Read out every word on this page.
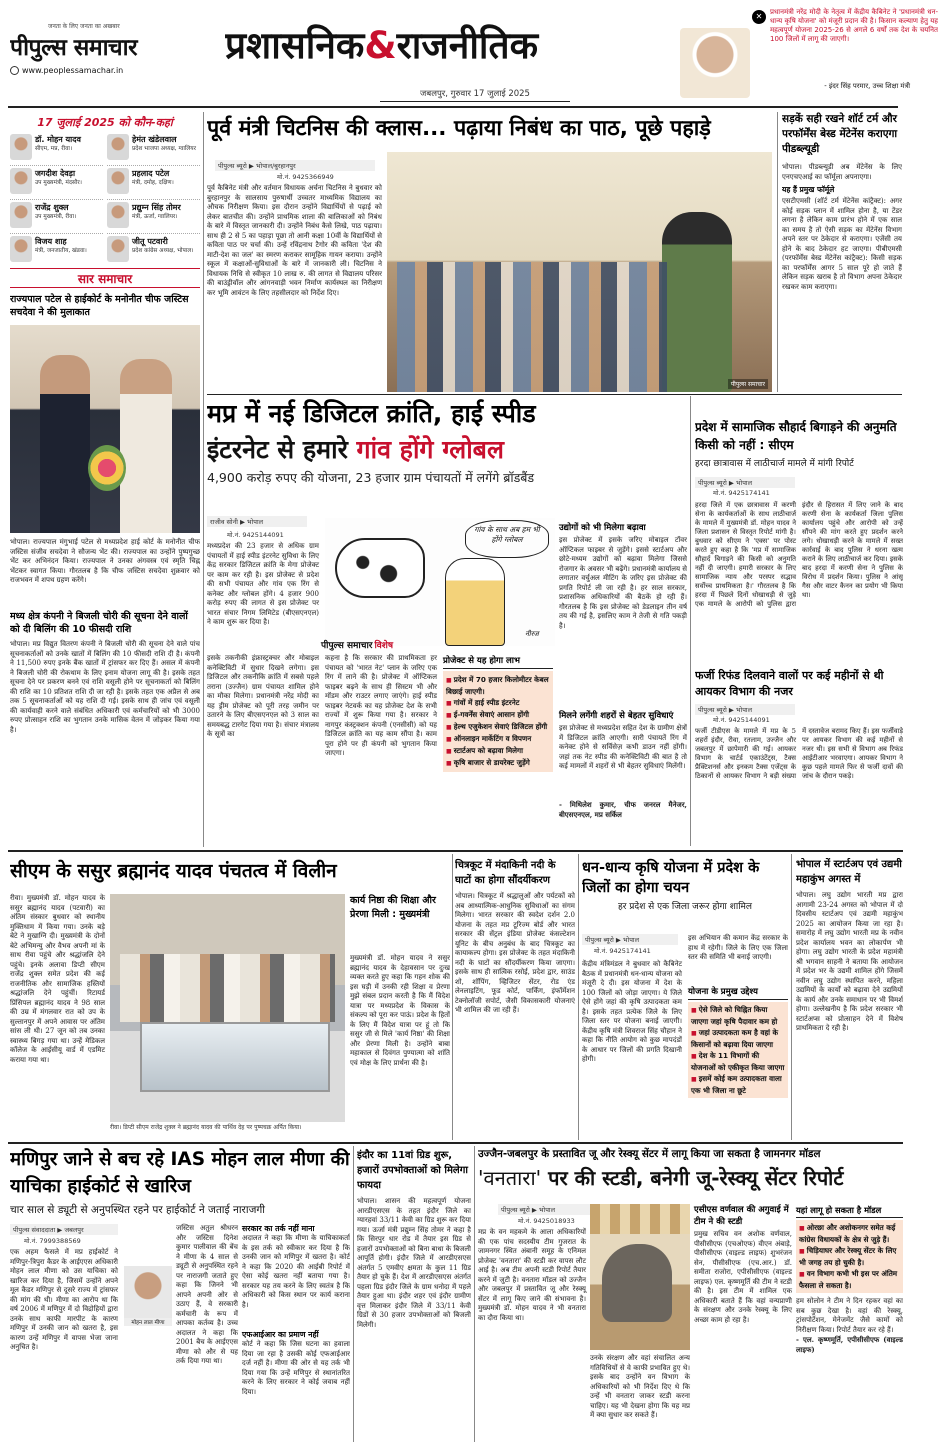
जनता के लिए जनता का अखबार
पीपुल्स समाचार
www.peoplessamachar.in
प्रशासनिक&राजनीतिक
जबलपुर, गुरुवार 17 जुलाई 2025
✕	प्रधानमंत्री नरेंद्र मोदी के नेतृत्व में केंद्रीय कैबिनेट ने 'प्रधानमंत्री धन-धान्य कृषि योजना' को मंजूरी प्रदान की है। किसान कल्याण हेतु यह महत्वपूर्ण योजना 2025-26 से अगले 6 वर्षों तक देश के चयनित 100 जिलों में लागू की जाएगी।
- इंदर सिंह परमार, उच्च शिक्षा मंत्री
17 जुलाई 2025 को कौन-कहां
डॉ. मोहन यादव
सीएम, मप्र, रीवा।
हेमंत खंडेलवाल
प्रदेश भाजपा अध्यक्ष, ग्वालियर
जगदीश देवड़ा
उप मुख्यमंत्री, मंदसौर।
प्रहलाद पटेल
मंत्री, दमोह, दक्षिण।
राजेंद्र शुक्ल
उप मुख्यमंत्री, रीवा।
प्रद्युम्न सिंह तोमर
मंत्री, ऊर्जा, ग्वालियर।
विजय शाह
मंत्री, जनजातीय, खंडवा।
जीतू पटवारी
प्रदेश कांग्रेस अध्यक्ष, भोपाल।
सार समाचार
राज्यपाल पटेल से हाईकोर्ट के मनोनीत चीफ जस्टिस सचदेवा ने की मुलाकात
भोपाल। राज्यपाल मंगुभाई पटेल से मध्यप्रदेश हाई कोर्ट के मनोनीत चीफ जस्टिस संजीव सचदेवा ने सौजन्य भेंट की। राज्यपाल का उन्होंने पुष्पगुच्छ भेंट कर अभिनंदन किया। राज्यपाल ने उनका अंगवस्त्र एवं स्मृति चिह्न भेंटकर स्वागत किया। गौरतलब है कि चीफ जस्टिस सचदेवा शुक्रवार को राजभवन में शपथ ग्रहण करेंगे।
मध्य क्षेत्र कंपनी ने बिजली चोरी की सूचना देने वालों को दी बिलिंग की 10 फीसदी राशि
भोपाल। मप्र विद्युत वितरण कंपनी ने बिजली चोरी की सूचना देने वाले पांच सूचनाकर्ताओं को उनके खातों में बिलिंग की 10 फीसदी राशि दी है। कंपनी ने 11,500 रुपए इनके बैंक खातों में ट्रांसफर कर दिए हैं। असल में कंपनी ने बिजली चोरी की रोकथाम के लिए इनाम योजना लागू की है। इसके तहत सूचना देने पर प्रकरण बनने एवं राशि वसूली होने पर सूचनाकर्ता को बिलिंग की राशि का 10 प्रतिशत राशि दी जा रही है। इसके तहत एक अप्रैल से अब तक 5 सूचनाकर्ताओं को यह राशि दी गई। इसके साथ ही जांच एवं वसूली की कार्यवाही करने वाले संबंधित अधिकारी एवं कर्मचारियों को भी 3000 रुपए प्रोत्साहन राशि का भुगतान उनके मासिक वेतन में जोड़कर किया गया है।
पूर्व मंत्री चिटनिस की क्लास... पढ़ाया निबंध का पाठ, पूछे पहाड़े
पीपुल्स ब्यूरो ▶ भोपाल/बुरहानपुर
मो.नं. 9425366949
पूर्व कैबिनेट मंत्री और वर्तमान विधायक अर्चना चिटनिस ने बुधवार को बुरहानपुर के सालसाय पुरुषार्थी उच्चतर माध्यमिक विद्यालय का औचक निरीक्षण किया। इस दौरान उन्होंने विद्यार्थियों से पढ़ाई को लेकर बातचीत की। उन्होंने प्राथमिक शाला की बालिकाओं को निबंध के बारे में विस्तृत जानकारी दी। उन्होंने निबंध कैसे लिखे, पाठ पढ़ाया। साथ ही 2 से 5 का पहाड़ा पूछा तो आनी कक्षा 10वीं के विद्यार्थियों से कविता पाठ पर चर्चा की। उन्हें रविंद्रनाथ टैगोर की कविता 'देश की माटी-देश का जल' का स्मरण कराकर सामूहिक गायन कराया। उन्होंने स्कूल में कक्षाओं-सुविधाओं के बारे में जानकारी ली। चिटनिस ने विधायक निधि से स्वीकृत 10 लाख रु. की लागत से विद्यालय परिसर की बाउंड्रीवॉल और आंगनवाड़ी भवन निर्माण कार्यस्थल का निरीक्षण कर भूमि आवंटन के लिए तहसीलदार को निर्देश दिए।
पीपुल्स समाचार
सड़कें सही रखने शॉर्ट टर्म और परफॉर्मेंस बेस्ड मेंटेनेंस कराएगा पीडब्ल्यूडी
भोपाल। पीडब्ल्यूडी अब मेंटेनेंस के लिए एनएचएआई का फॉर्मूला अपनाएगा।
यह हैं प्रमुख फॉर्मूले
एसटीएमसी (शॉर्ट टर्म मेंटेनेंस कांट्रैक्ट): अगर कोई सड़क प्लान में शामिल होना है, या टेंडर लगना है लेकिन काम प्रारंभ होने में एक साल का समय है तो ऐसी सड़क का मेंटेनेंस विभाग अपने स्तर पर ठेकेदार से कराएगा। एजेंसी तय होने के बाद ठेकेदार हट जाएगा। पीबीएमसी (परफॉर्मेंस बेस्ड मेंटेनेंस कांट्रैक्ट): किसी सड़क का परफॉर्मेंस आगर 5 साल पूरे हो जाते हैं लेकिन सड़क खराब है तो विभाग अपना ठेकेदार रखकर काम कराएगा।
मप्र में नई डिजिटल क्रांति, हाई स्पीड
इंटरनेट से हमारे गांव होंगे ग्लोबल
4,900 करोड़ रुपए की योजना, 23 हजार ग्राम पंचायतों में लगेंगे ब्रॉडबैंड
राजीव सोनी ▶ भोपाल
मो.नं. 9425144091
गांव के साथ अब हम भी होंगे ग्लोबल
नीरज
मध्यप्रदेश की 23 हजार से अधिक ग्राम पंचायतों में हाई स्पीड इंटरनेट सुविधा के लिए केंद्र सरकार डिजिटल क्रांति के मेगा प्रोजेक्ट पर काम कर रही है। इस प्रोजेक्ट से प्रदेश की सभी पंचायत और गांव एक रिंग से कनेक्ट और ग्लोबल होंगे। 4 हजार 900 करोड़ रुपए की लागत से इस प्रोजेक्ट पर भारत संचार निगम लिमिटेड (बीएसएनएल) ने काम शुरू कर दिया है।
पीपुल्स समाचार विशेष
इसके तकनीकी इंफ्रास्ट्रक्चर और मोबाइल कनेक्टिविटी में सुधार दिखने लगेगा। इस डिजिटल और तकनीकि क्रांति में सबसे पहले तराना (उज्जैन) ग्राम पंचायत शामिल होने का मौका मिलेगा। प्रधानमंत्री नरेंद्र मोदी का यह ड्रीम प्रोजेक्ट को पूरी तरह जमीन पर उतारने के लिए बीएसएनएल को 3 साल का समयबद्ध टारगेट दिया गया है। संचार मंत्रालय के सूत्रों का
कहना है कि सरकार की प्राथमिकता हर पंचायत को 'भारत नेट' प्लान के जरिए एक रिंग में लाने की है। प्रोजेक्ट में ऑप्टिकल फाइबर बढ़ने के साथ ही सिस्टम भी और मॉडम और राउटर लगाए जाएंगे। हाई स्पीड फाइबर नेटवर्क का यह प्रोजेक्ट देश के सभी राज्यों में शुरू किया गया है। सरकार ने नागपुर कंस्ट्रक्शन कंपनी (एनसीसी) को यह डिजिटल क्रांति का यह काम सौंपा है। काम पूरा होने पर ही कंपनी को भुगतान किया जाएगा।
प्रोजेक्ट से यह होगा लाभ
■ प्रदेश में 70 हजार किलोमीटर केबल बिछाई जाएगी।
■ गांवों में हाई स्पीड इंटरनेट
■ ई-गवर्नेंस सेवाएं आसान होंगी
■ हेल्थ एजुकेशन सेवाएं डिजिटल होंगी
■ ऑनलाइन मार्केटिंग व विपणन
■ स्टार्टअप को बढ़ावा मिलेगा
■ कृषि बाजार से डायरेक्ट जुड़ेंगे
उद्योगों को भी मिलेगा बढ़ावा
इस प्रोजेक्ट में इसके जरिए मोबाइल टॉवर ऑप्टिकल फाइबर से जुड़ेंगे। इससे स्टार्टअप और छोटे-मध्यम उद्योगों को बढ़ावा मिलेगा जिससे रोजगार के अवसर भी बढ़ेंगे। प्रधानमंत्री कार्यालय से लगातार वर्चुअल मीटिंग के जरिए इस प्रोजेक्ट की प्रगति रिपोर्ट ली जा रही है। हर साल सरकार, प्रशासनिक अधिकारियों की बैठकें हो रही हैं। गौरतलब है कि इस प्रोजेक्ट को डेडलाइन तीन वर्ष तय की गई है, इसलिए काम ने तेजी से गति पकड़ी है।
मिलने लगेंगी शहरों से बेहतर सुविधाएं
इस प्रोजेक्ट से मध्यप्रदेश सहित देश के ग्रामीण क्षेत्रों में डिजिटल क्रांति आएगी। सारी पंचायतें रिंग में कनेक्ट होने से सर्विसेज़ कभी डाउन नहीं होंगी। जहां तक नेट स्पीड की कनेक्टिविटी की बात है तो कई मामलों में शहरों से भी बेहतर सुविधाएं मिलेंगी।
- मिथिलेश कुमार, चीफ जनरल मैनेजर, बीएसएनएल, मप्र सर्किल
प्रदेश में सामाजिक सौहार्द बिगाड़ने की अनुमति किसी को नहीं : सीएम
हरदा छात्रावास में लाठीचार्ज मामले में मांगी रिपोर्ट
पीपुल्स ब्यूरो ▶ भोपाल
मो.नं. 9425174141
हरदा जिले में एक छात्रावास में करणी सेना के कार्यकर्ताओं के साथ लाठीचार्ज के मामले में मुख्यमंत्री डॉ. मोहन यादव ने जिला प्रशासन से विस्तृत रिपोर्ट मांगी है। बुधवार को सीएम ने 'एक्स' पर पोस्ट करते हुए कहा है कि 'मप्र में सामाजिक सौहार्द बिगाड़ने की किसी को अनुमति नहीं दी जाएगी। हमारी सरकार के लिए सामाजिक न्याय और परस्पर सद्भाव सर्वोच्च प्राथमिकता है।' गौरतलब है कि हरदा में पिछले दिनों धोखाधड़ी से जुड़े एक मामले के आरोपी को पुलिस द्वारा इंदौर से हिरासत में लिए जाने के बाद करणी सेना के कार्यकर्ता जिला पुलिस कार्यालय पहुंचे और आरोपी को उन्हें सौंपने की मांग करते हुए प्रदर्शन करने लगे। धोखाधड़ी करने के मामले में सख्त कार्रवाई के बाद पुलिस ने धरना खत्म कराने के लिए लाठीचार्ज कर दिया। इसके बाद हरदा में करणी सेना ने पुलिस के विरोध में प्रदर्शन किया। पुलिस ने आंसू गैस और वाटर कैनन का प्रयोग भी किया था।
फर्जी रिफंड दिलवाने वालों पर कई महीनों से थी आयकर विभाग की नजर
पीपुल्स ब्यूरो ▶ भोपाल
मो.नं. 9425144091
फर्जी टीडीएस के मामले में मप्र के 5 शहरों इंदौर, रीवा, रतलाम, उज्जैन और जबलपुर में छापेमारी की गई। आयकर विभाग के चार्टर्ड एकाउंटेंट्स, टैक्स प्रैक्टिशनर्स और इनकम टैक्स एजेंट्स के ठिकानों से आयकर विभाग ने बड़ी संख्या में दस्तावेज बरामद किए हैं। इस फर्जीवाड़े पर आयकर विभाग की कई महीनों से नजर थी। इस सभी से विभाग अब रिफंड आईटीआर भरवाएगा। आयकर विभाग ने कुछ पहले मामले फिर से फर्जी दावों की जांच के दौरान पकड़े।
सीएम के ससुर ब्रह्मानंद यादव पंचतत्व में विलीन
रीवा। मुख्यमंत्री डॉ. मोहन यादव के ससुर ब्रह्मानंद यादव (पटवारी) का अंतिम संस्कार बुधवार को स्थानीय मुक्तिधाम में किया गया। उनके बड़े बेटे ने मुखाग्नि दी। मुख्यमंत्री के दोनों बेटे अभिमन्यु और वैभव अपनी मां के साथ रीवा पहुंचे और श्रद्धांजलि देने पहुंचे। इनके अलावा डिप्टी सीएम राजेंद्र शुक्ल समेत प्रदेश की कई राजनीतिक और सामाजिक हस्तियों श्रद्धांजलि देने पहुंचीं। रिटायर्ड प्रिंसिपल ब्रह्मानंद यादव ने 98 साल की उम्र में मंगलवार रात को उप के सुल्तानपुर में अपने आवास पर अंतिम सांस ली थी। 27 जून को तब उनका स्वास्थ्य बिगड़ गया था। उन्हें मेडिकल कॉलेज के आईसीयू वार्ड में एडमिट कराया गया था।
रीवा। डिप्टी सीएम राजेंद्र शुक्ल ने ब्रह्मानंद यादव की पार्थिव देह पर पुष्पचक्र अर्पित किया।
कार्य निष्ठा की शिक्षा और प्रेरणा मिली : मुख्यमंत्री
मुख्यमंत्री डॉ. मोहन यादव ने ससुर ब्रह्मानंद यादव के देहावसान पर दुःख व्यक्त करते हुए कहा कि गहन शोक की इस घड़ी में उनकी रही शिक्षा व प्रेरणा मुझे संबल प्रदान करती है कि मैं विदेश यात्रा पर मध्यप्रदेश के विकास के संकल्प को पूरा कर पाऊं। प्रदेश के हितों के लिए मैं विदेश यात्रा पर हूं तो कि ससुर जी से मिले 'कार्य निष्ठा' की शिक्षा और प्रेरणा मिली है। उन्होंने बाबा महाकाल से दिवंगत पुण्यात्मा को शांति एवं मोक्ष के लिए प्रार्थना की है।
चित्रकूट में मंदाकिनी नदी के घाटों का होगा सौंदर्यीकरण
भोपाल। चित्रकूट में श्रद्धालुओं और पर्यटकों को अब आध्यात्मिक-आधुनिक सुविधाओं का संगम मिलेगा। भारत सरकार की स्वदेश दर्शन 2.0 योजना के तहत मप्र टूरिज्म बोर्ड और भारत सरकार की सेंट्रल इंडिया प्रोजेक्ट कंसल्टेशन यूनिट के बीच अनुबंध के बाद चित्रकूट का कायाकल्प होगा। इस प्रोजेक्ट के तहत मंदाकिनी नदी के घाटों का सौंदर्यीकरण किया जाएगा। इसके साथ ही सात्विक रसोई, प्रदेश द्वार, साउंड शो, शॉपिंग, व्हिजिटर सेंटर, रोड एंड लेनलाइटिंग, फूड कोर्ट, पार्किंग, इंफॉर्मेशन टेक्नोलॉजी सपोर्ट, जैसी विकासकारी योजनाएं भी शामिल की जा रही हैं।
धन-धान्य कृषि योजना में प्रदेश के जिलों का होगा चयन
हर प्रदेश से एक जिला जरूर होगा शामिल
पीपुल्स ब्यूरो ▶ भोपाल
मो.नं. 9425174141
केंद्रीय मंत्रिमंडल ने बुधवार को कैबिनेट बैठक में प्रधानमंत्री धन-धान्य योजना को मंजूरी दे दी। इस योजना में देश के 100 जिलों को जोड़ा जाएगा। ये जिले ऐसे होंगे जहां की कृषि उत्पादकता कम है। इसके तहत प्रत्येक जिले के लिए जिला स्तर पर योजना बनाई जाएगी। केंद्रीय कृषि मंत्री शिवराज सिंह चौहान ने कहा कि नीति आयोग को कुछ मापदंडों के आधार पर जिलों की प्रगति दिखानी होगी।
इस अभियान की कमान केंद्र सरकार के हाथ में रहेगी। जिले के लिए एक जिला स्तर की समिति भी बनाई जाएगी।
योजना के प्रमुख उद्देश्य
■ ऐसे जिले को चिह्नित किया जाएगा जहां कृषि पैदावार कम हो
■ जहां उत्पादकता कम है वहां के किसानों को बढ़ावा दिया जाएगा
■ देश के 11 विभागों की योजनाओं को एकीकृत किया जाएगा
■ इसमें कोई कम उत्पादकता वाला एक भी जिला ना छूटे
भोपाल में स्टार्टअप एवं उद्यमी महाकुंभ अगस्त में
भोपाल। लघु उद्योग भारती मप्र द्वारा आगामी 23-24 अगस्त को भोपाल में दो दिवसीय स्टार्टअप एवं उद्यमी महाकुंभ 2025 का आयोजन किया जा रहा है। समारोह में लघु उद्योग भारती मप्र के नवीन प्रदेश कार्यालय भवन का लोकार्पण भी होगा। लघु उद्योग भारती के प्रदेश महामंत्री श्री भगवान साहनी ने बताया कि आयोजन में प्रदेश भर के उद्यमी शामिल होंगे जिसमें नवीन लघु उद्योग स्थापित करने, महिला उद्यमियों के कार्यों को बढ़ावा देने उद्यमियों के कार्य और उनके समाधान पर भी विमर्श होगा। उल्लेखनीय है कि प्रदेश सरकार भी स्टार्टअप्स को प्रोत्साहन देने में विशेष प्राथमिकता दे रही है।
मणिपुर जाने से बच रहे IAS मोहन लाल मीणा की याचिका हाईकोर्ट से खारिज
चार साल से ड्यूटी से अनुपस्थित रहने पर हाईकोर्ट ने जताई नाराजगी
पीपुल्स संवाददाता ▶ जबलपुर
मो.नं. 7999388569
एक अहम फैसले में मप्र हाईकोर्ट ने मणिपुर-त्रिपुरा कैडर के आईएएस अधिकारी मोहन लाल मीणा को उस याचिका को खारिज कर दिया है, जिसमें उन्होंने अपने मूल कैडर मणिपुर से दूसरे राज्य में ट्रांसफर की मांग की थी। मीणा का आरोप था कि वर्ष 2006 में मणिपुर में दो विद्रोहियों द्वारा उनके साथ काफी मारपीट के कारण मणिपुर में उनकी जान को खतरा है, इस कारण उन्हें मणिपुर में वापस भेजा जाना अनुचित है।
मोहन लाल मीणा
जस्टिस अतुल श्रीधरन और जस्टिस दिनेश कुमार पालीवाल की बेंच ने मीणा के 4 साल से ड्यूटी से अनुपस्थित रहने पर नाराजगी जताते हुए कहा कि जिनने भी आपने अपनी ओर से उठाए हैं, वे सरकारी कर्मचारी के रूप में आपका कर्तव्य है। उच्च अदालत ने कहा कि 2001 बैच के आईएएस मीणा को और से यह तर्क दिया गया था।
सरकार का तर्क नहीं माना
अदालत ने कहा कि मीणा के याचिकाकर्ता के इस तर्क को स्वीकार कर दिया है कि उनकी जान को मणिपुर में खतरा है। कोर्ट ने कहा कि 2020 की आईबी रिपोर्ट में ऐसा कोई खतरा नहीं बताया गया है। सरकार यह तय करने के लिए स्वतंत्र है कि अधिकारी को किस स्थान पर कार्य कराना है।
एफआईआर का प्रमाण नहीं
कोर्ट ने कहा कि जिस घटना का हवाला दिया जा रहा है उसकी कोई एफआईआर दर्ज नहीं है। मीणा की ओर से यह तर्क भी दिया गया कि उन्हें मणिपुर से स्थानांतरित करने के लिए सरकार ने कोई जवाब नहीं दिया।
इंदौर का 11वां ग्रिड शुरू, हजारों उपभोक्ताओं को मिलेगा फायदा
भोपाल। शासन की महत्वपूर्ण योजना आरडीएसएस के तहत इंदौर जिले का ग्यारहवां 33/11 केवी का ग्रिड शुरू कर दिया गया। ऊर्जा मंत्री प्रद्युम्न सिंह तोमर ने कहा है कि सिरपुर धार रोड में तैयार इस ग्रिड से हजारों उपभोक्ताओं को बिना बाधा के बिजली आपूर्ति होगी। इंदौर जिले में आरडीएसएस अंतर्गत 5 एमवीए क्षमता के कुल 11 ग्रिड तैयार हो चुके हैं। देश में आरडीएसएस अंतर्गत पहला ग्रिड इंदौर जिले के ग्राम धनोदा में पहले तैयार हुआ था। इंदौर शहर एवं इंदौर ग्रामीण वृत्त मिलाकर इंदौर जिले में 33/11 केवी ग्रिडों से 30 हजार उपभोक्ताओं को बिजली मिलेगी।
उज्जैन-जबलपुर के प्रस्तावित जू और रेस्क्यू सेंटर में लागू किया जा सकता है जामनगर मॉडल
'वनतारा' पर की स्टडी, बनेगी जू-रेस्क्यू सेंटर रिपोर्ट
पीपुल्स ब्यूरो ▶ भोपाल
मो.नं. 9425018933
मप्र के वन महकमे के आला अधिकारियों की एक पांच सदस्यीय टीम गुजरात के जामनगर स्थित अंबानी समूह के एनिमल प्रोजेक्ट 'वनतारा' की स्टडी कर वापस लौट आई है। अब टीम अपनी स्टडी रिपोर्ट तैयार करने में जुटी है। वनतारा मॉडल को उज्जैन और जबलपुर में प्रस्तावित जू और रेस्क्यू सेंटर में लागू किए जाने की संभावना है। मुख्यमंत्री डॉ. मोहन यादव ने भी वनतारा का दौरा किया था।
उनके संरक्षण और वहां संचालित अन्य गतिविधियों से वे काफी प्रभावित हुए थे। इसके बाद उन्होंने वन विभाग के अधिकारियों को भी निर्देश दिए थे कि उन्हें भी वनतारा जाकर स्टडी करना चाहिए। यह भी देखना होगा कि यह मप्र में क्या सुधार कर सकते हैं।
एसीएस वर्णवाल की अगुवाई में टीम ने की स्टडी
प्रमुख सचिव वन अशोक वर्णवाल, पीसीसीएफ (एचओएफ) वीएन अंबाड़े, पीसीसीएफ (वाइल्ड लाइफ) शुभरंजन सेन, पीसीसीएफ (एच.आर.) डॉ. समीता राजोरा, एपीसीसीएफ (वाइल्ड लाइफ) एल. कृष्णमूर्ति की टीम ने स्टडी की है। इस टीम में शामिल एक अधिकारी बताते हैं कि वहां वन्यप्राणी के संरक्षण और उनके रेस्क्यू के लिए अच्छा काम हो रहा है।
यहां लागू हो सकता है मॉडल
■ ओरछा और अशोकनगर समेत कई कांग्रेस विधायकों के क्षेत्र से जुड़े हैं।
■ चिड़ियाघर और रेस्क्यू सेंटर के लिए भी जगह तय हो चुकी है।
■ वन विभाग कभी भी इस पर अंतिम फैसला ले सकता है।
हम सोलोन ने टीम ने दिन रहकर वहां का सब कुछ देखा है। वहां की रेस्क्यू, ट्रांसपोर्टेशन, मेनेजमेंट जैसे कामों को निरीक्षण किया। रिपोर्ट तैयार कर रहे हैं।
- एल. कृष्णमूर्ति, एपीसीसीएफ (वाइल्ड लाइफ)
